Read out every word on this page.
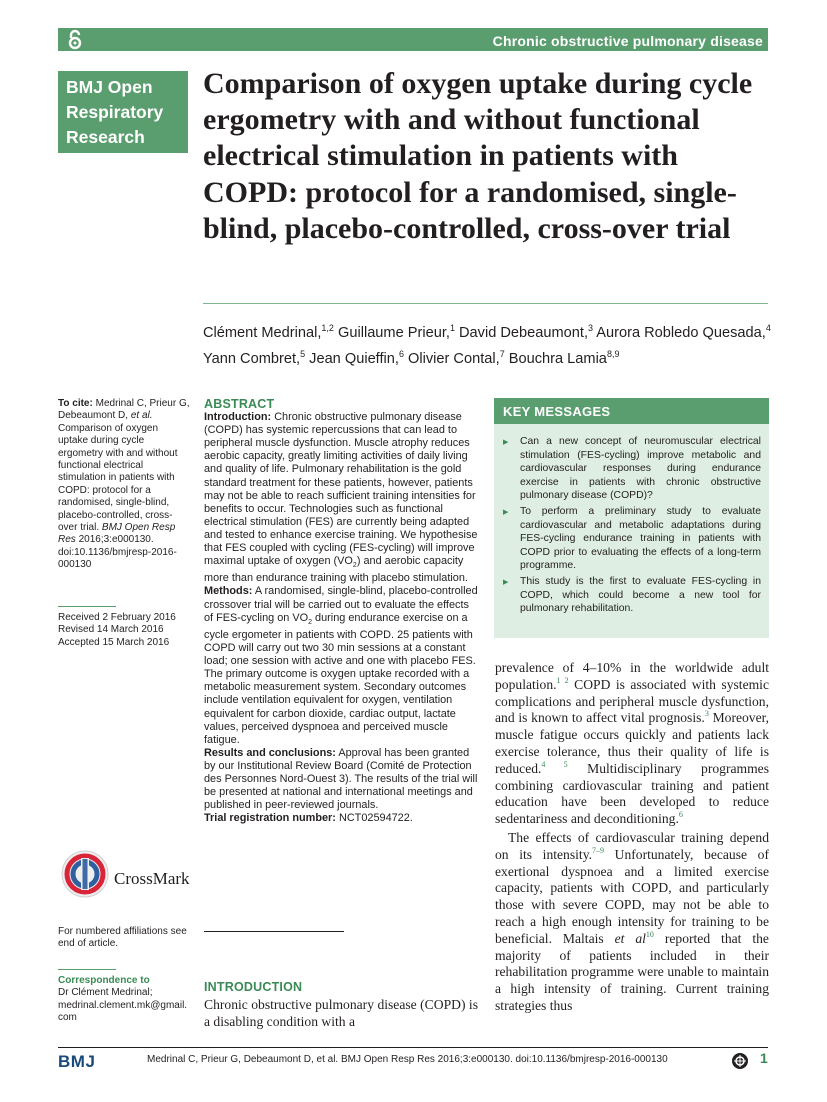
Chronic obstructive pulmonary disease
BMJ Open
Respiratory
Research
Comparison of oxygen uptake during cycle ergometry with and without functional electrical stimulation in patients with COPD: protocol for a randomised, single-blind, placebo-controlled, cross-over trial
Clément Medrinal,$^{1,2}$ Guillaume Prieur,$^1$ David Debeaumont,$^3$ Aurora Robledo Quesada,$^4$ Yann Combret,$^5$ Jean Quieffin,$^6$ Olivier Contal,$^7$ Bouchra Lamia$^{8,9}$
To cite: Medrinal C, Prieur G, Debeaumont D, et al. Comparison of oxygen uptake during cycle ergometry with and without functional electrical stimulation in patients with COPD: protocol for a randomised, single-blind, placebo-controlled, cross-over trial. BMJ Open Resp Res 2016;3:e000130. doi:10.1136/bmjresp-2016-000130
Received 2 February 2016
Revised 14 March 2016
Accepted 15 March 2016
CrossMark
For numbered affiliations see end of article.
Correspondence to
Dr Clément Medrinal;
medrinal.clement.mk@gmail.com
ABSTRACT

Introduction: Chronic obstructive pulmonary disease (COPD) has systemic repercussions that can lead to peripheral muscle dysfunction. Muscle atrophy reduces aerobic capacity, greatly limiting activities of daily living and quality of life. Pulmonary rehabilitation is the gold standard treatment for these patients, however, patients may not be able to reach sufficient training intensities for benefits to occur. Technologies such as functional electrical stimulation (FES) are currently being adapted and tested to enhance exercise training. We hypothesise that FES coupled with cycling (FES-cycling) will improve maximal uptake of oxygen $(VO_2)$ and aerobic capacity more than endurance training with placebo stimulation.

Methods: A randomised, single-blind, placebo-controlled crossover trial will be carried out to evaluate the effects of FES-cycling on $VO_2$ during endurance exercise on a cycle ergometer in patients with COPD. 25 patients with COPD will carry out two 30 min sessions at a constant load; one session with active and one with placebo FES. The primary outcome is oxygen uptake recorded with a metabolic measurement system. Secondary outcomes include ventilation equivalent for oxygen, ventilation equivalent for carbon dioxide, cardiac output, lactate values, perceived dyspnoea and perceived muscle fatigue.

Results and conclusions: Approval has been granted by our Institutional Review Board (Comité de Protection des Personnes Nord-Ouest 3). The results of the trial will be presented at national and international meetings and published in peer-reviewed journals.

Trial registration number: NCT02594722.

INTRODUCTION
Chronic obstructive pulmonary disease (COPD) is a disabling condition with a
KEY MESSAGES
▶ Can a new concept of neuromuscular electrical stimulation (FES-cycling) improve metabolic and cardiovascular responses during endurance exercise in patients with chronic obstructive pulmonary disease (COPD)?
▶ To perform a preliminary study to evaluate cardiovascular and metabolic adaptations during FES-cycling endurance training in patients with COPD prior to evaluating the effects of a long-term programme.
▶ This study is the first to evaluate FES-cycling in COPD, which could become a new tool for pulmonary rehabilitation.

prevalence of 4–10% in the worldwide adult population.$^{1 2}$ COPD is associated with systemic complications and peripheral muscle dysfunction, and is known to affect vital prognosis.$^3$ Moreover, muscle fatigue occurs quickly and patients lack exercise tolerance, thus their quality of life is reduced.$^{4 5}$ Multidisciplinary programmes combining cardiovascular training and patient education have been developed to reduce sedentariness and deconditioning.$^6$

The effects of cardiovascular training depend on its intensity.$^{7-9}$ Unfortunately, because of exertional dyspnoea and a limited exercise capacity, patients with COPD, and particularly those with severe COPD, may not be able to reach a high enough intensity for training to be beneficial. Maltais et $al^{10}$ reported that the majority of patients included in their rehabilitation programme were unable to maintain a high intensity of training. Current training strategies thus

BMJ	Medrinal C, Prieur G, Debeaumont D, et al. BMJ Open Resp Res 2016;3:e000130. doi:10.1136/bmjresp-2016-000130	1
